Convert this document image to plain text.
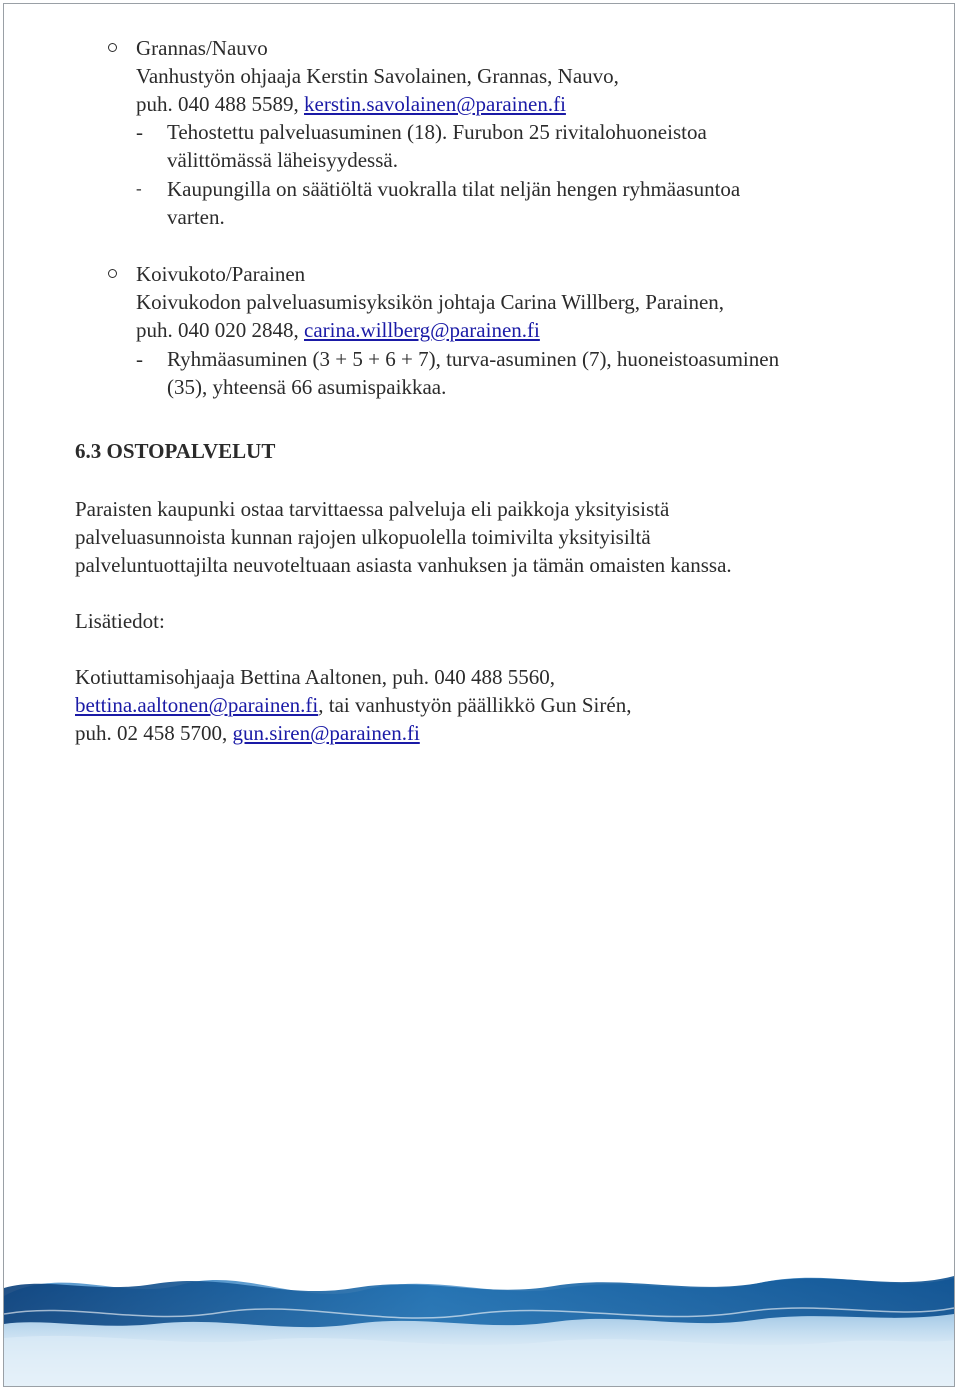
Grannas/Nauvo
Vanhustyön ohjaaja Kerstin Savolainen, Grannas, Nauvo,
puh. 040 488 5589, kerstin.savolainen@parainen.fi
- Tehostettu palveluasuminen (18). Furubon 25 rivitalohuoneistoa
välittömässä läheisyydessä.
- Kaupungilla on säätiöltä vuokralla tilat neljän hengen ryhmäasuntoa
varten.
Koivukoto/Parainen
Koivukodon palveluasumisyksikön johtaja Carina Willberg, Parainen,
puh. 040 020 2848, carina.willberg@parainen.fi
- Ryhmäasuminen (3 + 5 + 6 + 7), turva-asuminen (7), huoneistoasuminen
(35), yhteensä 66 asumispaikkaa.
6.3 OSTOPALVELUT
Paraisten kaupunki ostaa tarvittaessa palveluja eli paikkoja yksityisistä
palveluasunnoista kunnan rajojen ulkopuolella toimivilta yksityisiltä
palveluntuottajilta neuvoteltuaan asiasta vanhuksen ja tämän omaisten kanssa.
Lisätiedot:
Kotiuttamisohjaaja Bettina Aaltonen, puh. 040 488 5560,
bettina.aaltonen@parainen.fi, tai vanhustyön päällikkö Gun Sirén,
puh. 02 458 5700, gun.siren@parainen.fi
